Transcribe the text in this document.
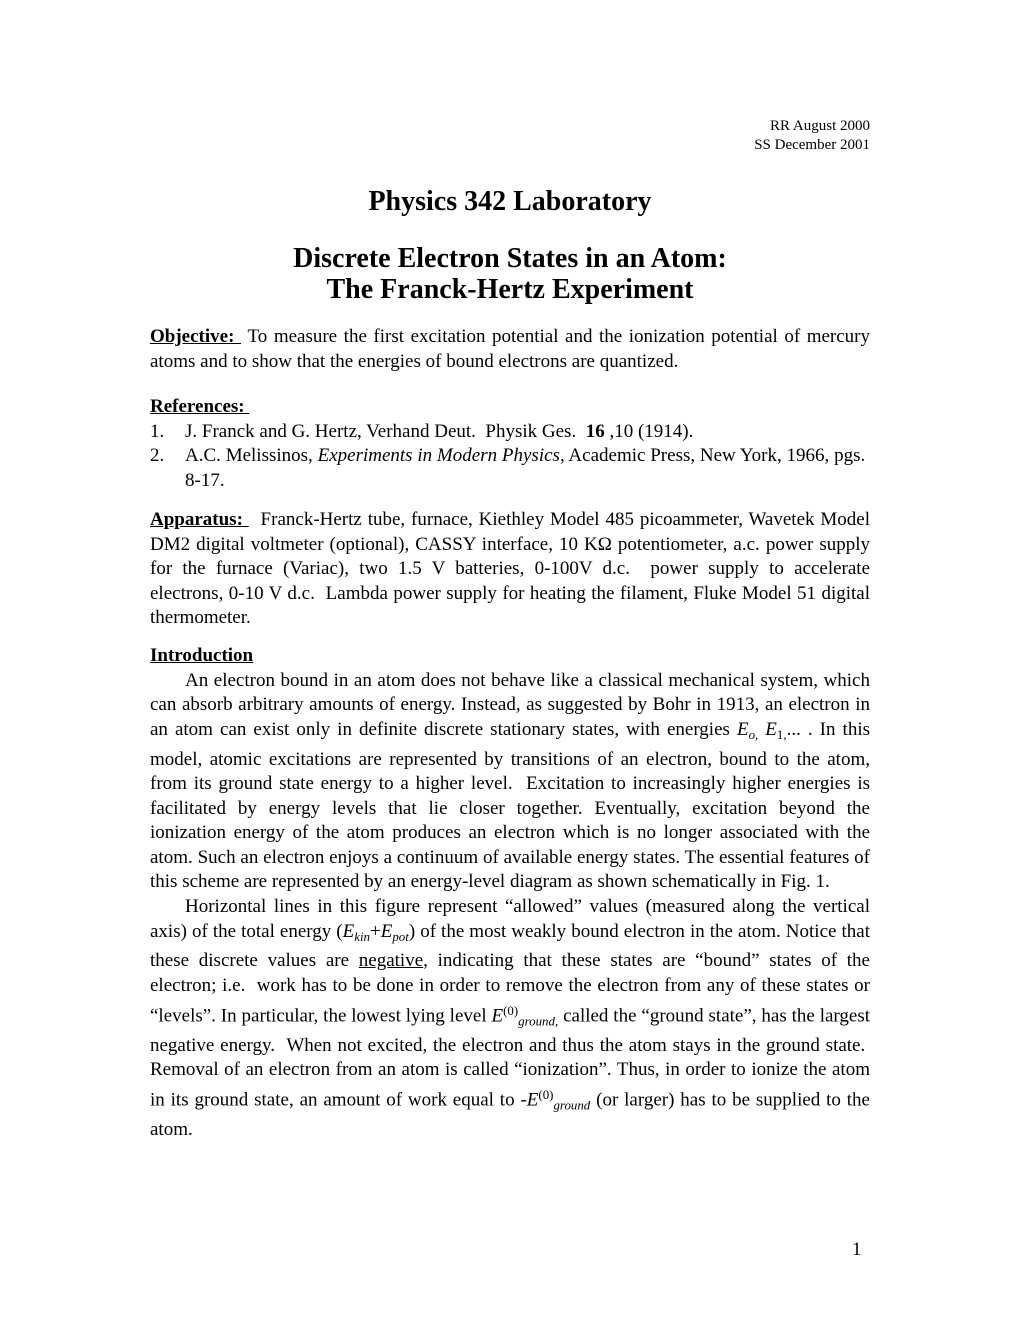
RR August 2000
SS December 2001
Physics 342 Laboratory
Discrete Electron States in an Atom:
The Franck-Hertz Experiment

Objective:  To measure the first excitation potential and the ionization potential of mercury atoms and to show that the energies of bound electrons are quantized.

References:
1.	J. Franck and G. Hertz, Verhand Deut.  Physik Ges.  16 ,10 (1914).
2.	A.C. Melissinos, Experiments in Modern Physics, Academic Press, New York, 1966, pgs.  8-17.

Apparatus:   Franck-Hertz tube, furnace, Kiethley Model 485 picoammeter, Wavetek Model DM2 digital voltmeter (optional), CASSY interface, 10 KΩ potentiometer, a.c. power supply for the furnace (Variac), two 1.5 V batteries, 0-100V d.c.  power supply to accelerate electrons, 0-10 V d.c.  Lambda power supply for heating the filament, Fluke Model 51 digital thermometer.

Introduction

An electron bound in an atom does not behave like a classical mechanical system, which can absorb arbitrary amounts of energy. Instead, as suggested by Bohr in 1913, an electron in an atom can exist only in definite discrete stationary states, with energies $E_{o,}$ $E_{1,}$... . In this model, atomic excitations are represented by transitions of an electron, bound to the atom, from its ground state energy to a higher level.  Excitation to increasingly higher energies is facilitated by energy levels that lie closer together. Eventually, excitation beyond the ionization energy of the atom produces an electron which is no longer associated with the atom. Such an electron enjoys a continuum of available energy states. The essential features of this scheme are represented by an energy-level diagram as shown schematically in Fig. 1.

Horizontal lines in this figure represent “allowed” values (measured along the vertical axis) of the total energy $(E_{kin}+E_{pot})$ of the most weakly bound electron in the atom. Notice that these discrete values are negative, indicating that these states are “bound” states of the electron; i.e.  work has to be done in order to remove the electron from any of these states or “levels”. In particular, the lowest lying level $E^{(0)}_{ground,}$ called the “ground state”, has the largest negative energy.  When not excited, the electron and thus the atom stays in the ground state.  Removal of an electron from an atom is called “ionization”. Thus, in order to ionize the atom in its ground state, an amount of work equal to $-E^{(0)}_{ground}$ (or larger) has to be supplied to the atom.

1
